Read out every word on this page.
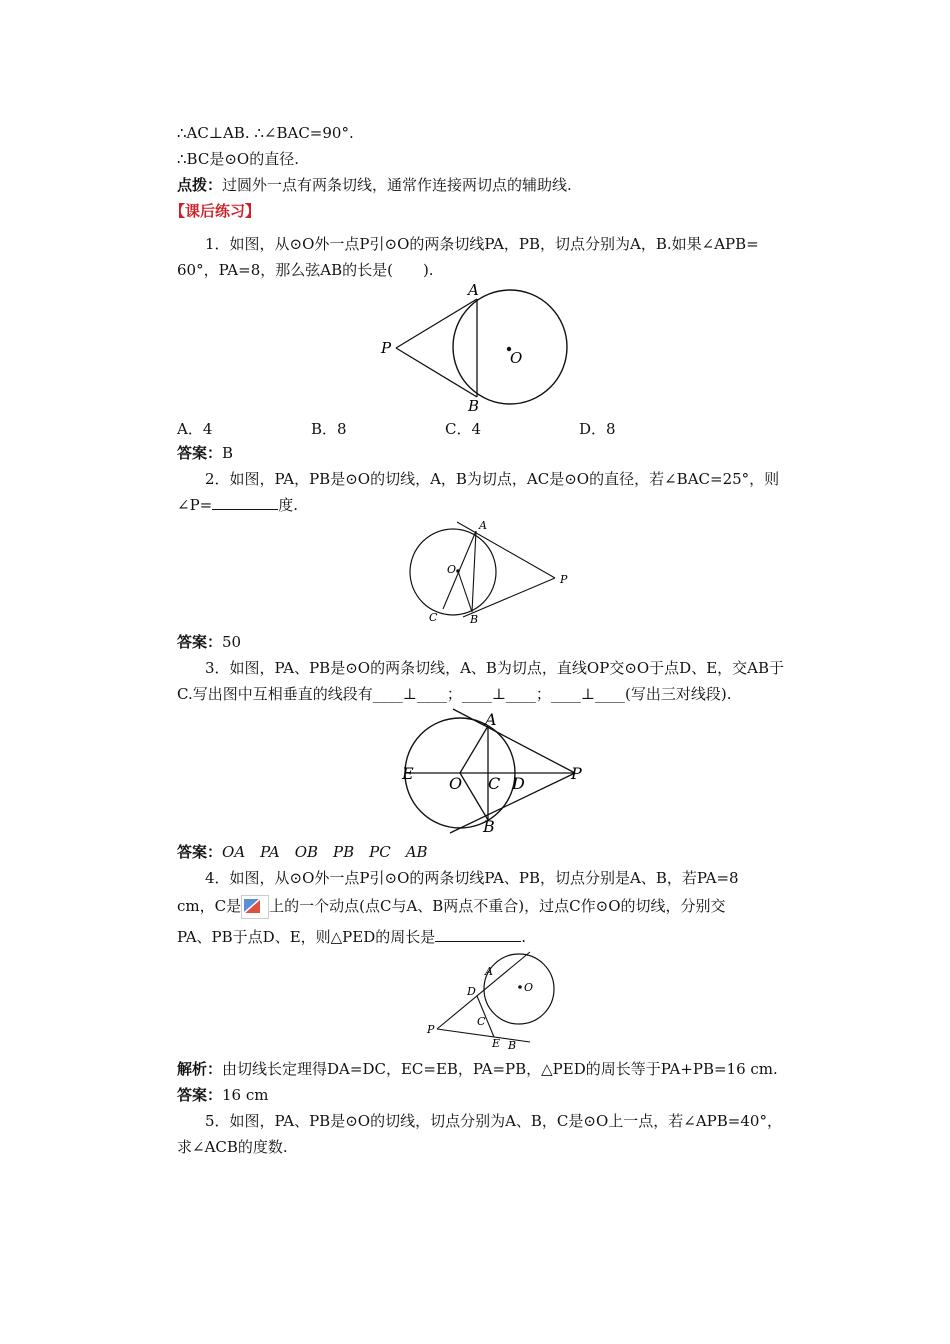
∴AC⊥AB. ∴∠BAC=90°.
∴BC是⊙O的直径.
点拨：过圆外一点有两条切线，通常作连接两切点的辅助线.
【课后练习】
1．如图，从⊙O外一点P引⊙O的两条切线PA，PB，切点分别为A，B.如果∠APB=
60°，PA=8，那么弦AB的长是(　　).
A
B
O
P
A．4	B．8	C．4	D．8
答案：B
2．如图，PA，PB是⊙O的切线，A，B为切点，AC是⊙O的直径，若∠BAC=25°，则
∠P=	度.
A
B
C
O
P
答案：50
3．如图，PA、PB是⊙O的两条切线，A、B为切点，直线OP交⊙O于点D、E，交AB于
C.写出图中互相垂直的线段有____⊥____；____⊥____；____⊥____(写出三对线段).
A
B
C D
E
O
P
答案：OA　PA　OB　PB　PC　AB
4．如图，从⊙O外一点P引⊙O的两条切线PA、PB，切点分别是A、B，若PA=8
cm，C是 上的一个动点(点C与A、B两点不重合)，过点C作⊙O的切线，分别交
PA、PB于点D、E，则△PED的周长是	.
A
B
C
D
E
O
P
解析：由切线长定理得DA=DC，EC=EB，PA=PB，△PED的周长等于PA+PB=16 cm.
答案：16 cm
5．如图，PA、PB是⊙O的切线，切点分别为A、B，C是⊙O上一点，若∠APB=40°，
求∠ACB的度数.
